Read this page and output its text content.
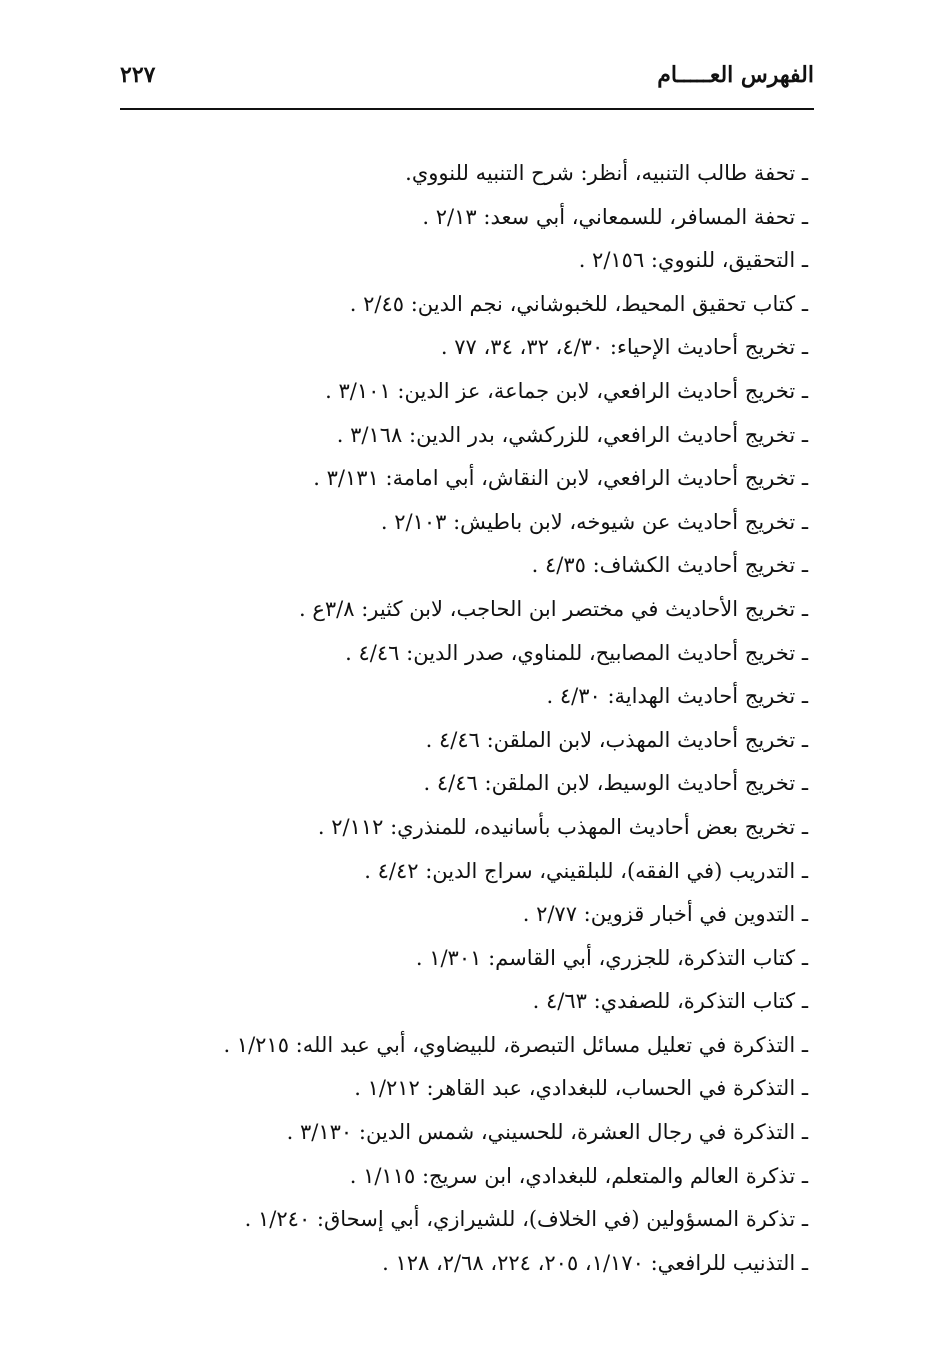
الفهرس العـــــام
٢٢٧
ـ تحفة طالب التنبيه، أنظر: شرح التنبيه للنووي.
ـ تحفة المسافر، للسمعاني، أبي سعد: ٢/١٣ .
ـ التحقيق، للنووي: ٢/١٥٦ .
ـ كتاب تحقيق المحيط، للخبوشاني، نجم الدين: ٢/٤٥ .
ـ تخريج أحاديث الإحياء: ٤/٣٠، ٣٢، ٣٤، ٧٧ .
ـ تخريج أحاديث الرافعي، لابن جماعة، عز الدين: ٣/١٠١ .
ـ تخريج أحاديث الرافعي، للزركشي، بدر الدين: ٣/١٦٨ .
ـ تخريج أحاديث الرافعي، لابن النقاش، أبي امامة: ٣/١٣١ .
ـ تخريج أحاديث عن شيوخه، لابن باطيش: ٢/١٠٣ .
ـ تخريج أحاديث الكشاف: ٤/٣٥ .
ـ تخريج الأحاديث في مختصر ابن الحاجب، لابن كثير: ٣/٨ع .
ـ تخريج أحاديث المصابيح، للمناوي، صدر الدين: ٤/٤٦ .
ـ تخريج أحاديث الهداية: ٤/٣٠ .
ـ تخريج أحاديث المهذب، لابن الملقن: ٤/٤٦ .
ـ تخريج أحاديث الوسيط، لابن الملقن: ٤/٤٦ .
ـ تخريج بعض أحاديث المهذب بأسانيده، للمنذري: ٢/١١٢ .
ـ التدريب (في الفقه)، للبلقيني، سراج الدين: ٤/٤٢ .
ـ التدوين في أخبار قزوين: ٢/٧٧ .
ـ كتاب التذكرة، للجزري، أبي القاسم: ١/٣٠١ .
ـ كتاب التذكرة، للصفدي: ٤/٦٣ .
ـ التذكرة في تعليل مسائل التبصرة، للبيضاوي، أبي عبد الله: ١/٢١٥ .
ـ التذكرة في الحساب، للبغدادي، عبد القاهر: ١/٢١٢ .
ـ التذكرة في رجال العشرة، للحسيني، شمس الدين: ٣/١٣٠ .
ـ تذكرة العالم والمتعلم، للبغدادي، ابن سريج: ١/١١٥ .
ـ تذكرة المسؤولين (في الخلاف)، للشيرازي، أبي إسحاق: ١/٢٤٠ .
ـ التذنيب للرافعي: ١/١٧٠، ٢٠٥، ٢٢٤، ٢/٦٨، ١٢٨ .
